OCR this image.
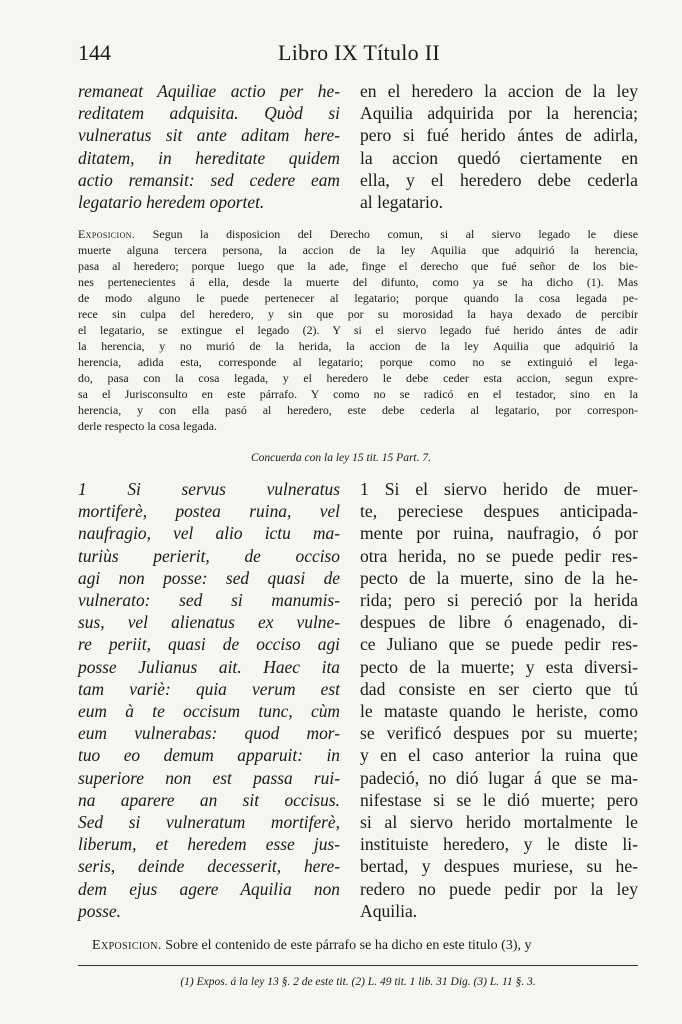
144	Libro IX Título II
remaneat Aquiliae actio per he-
reditatem adquisita. Quòd si
vulneratus sit ante aditam here-
ditatem, in hereditate quidem
actio remansit: sed cedere eam
legatario heredem oportet.
en el heredero la accion de la ley
Aquilia adquirida por la herencia;
pero si fué herido ántes de adirla,
la accion quedó ciertamente en
ella, y el heredero debe cederla
al legatario.
Exposicion. Segun la disposicion del Derecho comun, si al siervo legado le diese
muerte alguna tercera persona, la accion de la ley Aquilia que adquirió la herencia,
pasa al heredero; porque luego que la ade, finge el derecho que fué señor de los bie-
nes pertenecientes á ella, desde la muerte del difunto, como ya se ha dicho (1). Mas
de modo alguno le puede pertenecer al legatario; porque quando la cosa legada pe-
rece sin culpa del heredero, y sin que por su morosidad la haya dexado de percibir
el legatario, se extingue el legado (2). Y si el siervo legado fué herido ántes de adir
la herencia, y no murió de la herida, la accion de la ley Aquilia que adquirió la
herencia, adida esta, corresponde al legatario; porque como no se extinguió el lega-
do, pasa con la cosa legada, y el heredero le debe ceder esta accion, segun expre-
sa el Jurisconsulto en este párrafo. Y como no se radicó en el testador, sino en la
herencia, y con ella pasó al heredero, este debe cederla al legatario, por correspon-
derle respecto la cosa legada.
Concuerda con la ley 15 tit. 15 Part. 7.
1 Si servus vulneratus
mortiferè, postea ruina, vel
naufragio, vel alio ictu ma-
turiùs perierit, de occiso
agi non posse: sed quasi de
vulnerato: sed si manumis-
sus, vel alienatus ex vulne-
re periit, quasi de occiso agi
posse Julianus ait. Haec ita
tam variè: quia verum est
eum à te occisum tunc, cùm
eum vulnerabas: quod mor-
tuo eo demum apparuit: in
superiore non est passa rui-
na aparere an sit occisus.
Sed si vulneratum mortiferè,
liberum, et heredem esse jus-
seris, deinde decesserit, here-
dem ejus agere Aquilia non
posse.
1 Si el siervo herido de muer-
te, pereciese despues anticipada-
mente por ruina, naufragio, ó por
otra herida, no se puede pedir res-
pecto de la muerte, sino de la he-
rida; pero si pereció por la herida
despues de libre ó enagenado, di-
ce Juliano que se puede pedir res-
pecto de la muerte; y esta diversi-
dad consiste en ser cierto que tú
le mataste quando le heriste, como
se verificó despues por su muerte;
y en el caso anterior la ruina que
padeció, no dió lugar á que se ma-
nifestase si se le dió muerte; pero
si al siervo herido mortalmente le
instituiste heredero, y le diste li-
bertad, y despues muriese, su he-
redero no puede pedir por la ley
Aquilia.
Exposicion. Sobre el contenido de este párrafo se ha dicho en este titulo (3), y
(1) Expos. á la ley 13 §. 2 de este tit. (2) L. 49 tit. 1 lib. 31 Dig. (3) L. 11 §. 3.
